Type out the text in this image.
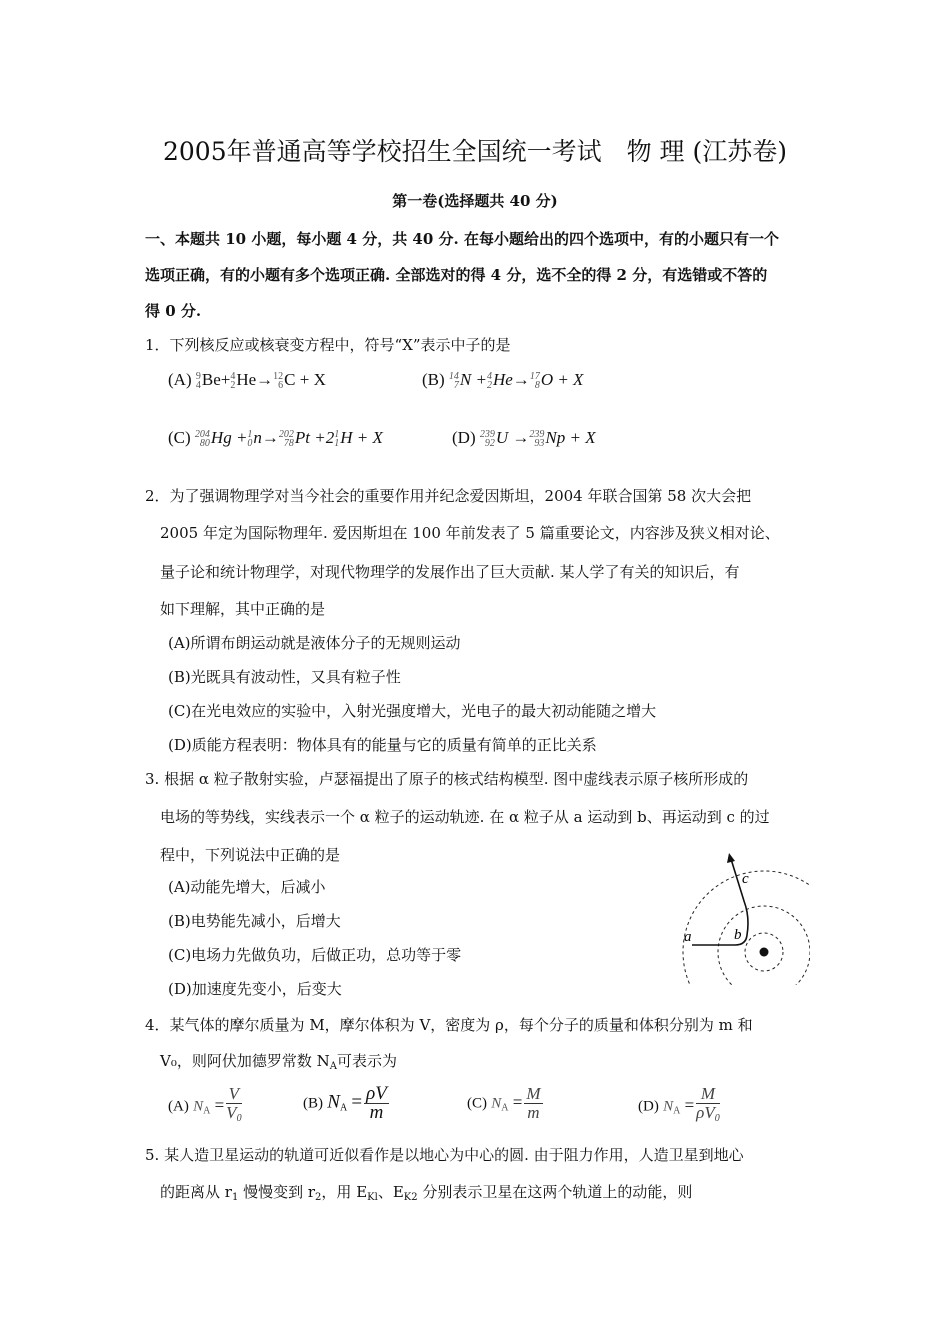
2005年普通高等学校招生全国统一考试　物 理 (江苏卷)
第一卷(选择题共 40 分)
一、本题共 10 小题，每小题 4 分，共 40 分. 在每小题给出的四个选项中，有的小题只有一个
选项正确，有的小题有多个选项正确. 全部选对的得 4 分，选不全的得 2 分，有选错或不答的
得 0 分.
1．下列核反应或核衰变方程中，符号“X”表示中子的是
(A) 9
4 Be+ 4
2 He→ 12
6 C + X	(B) 14
7 N + 4
2 He→ 17
8 O + X
(C) 204
80 Hg + 1
0 n→ 202
78 Pt +2 1
1 H + X	(D) 239
92 U → 239
93 Np + X
2．为了强调物理学对当今社会的重要作用并纪念爱因斯坦，2004 年联合国第 58 次大会把
2005 年定为国际物理年. 爱因斯坦在 100 年前发表了 5 篇重要论文，内容涉及狭义相对论、
量子论和统计物理学，对现代物理学的发展作出了巨大贡献. 某人学了有关的知识后，有
如下理解，其中正确的是
(A)所谓布朗运动就是液体分子的无规则运动
(B)光既具有波动性，又具有粒子性
(C)在光电效应的实验中，入射光强度增大，光电子的最大初动能随之增大
(D)质能方程表明：物体具有的能量与它的质量有简单的正比关系
3. 根据 α 粒子散射实验，卢瑟福提出了原子的核式结构模型. 图中虚线表示原子核所形成的
电场的等势线，实线表示一个 α 粒子的运动轨迹. 在 α 粒子从 a 运动到 b、再运动到 c 的过
程中，下列说法中正确的是
(A)动能先增大，后减小
(B)电势能先减小，后增大
(C)电场力先做负功，后做正功，总功等于零
(D)加速度先变小，后变大
a	b
c
4．某气体的摩尔质量为 M，摩尔体积为 V，密度为 ρ，每个分子的质量和体积分别为 m 和
V₀，则阿伏加德罗常数 $N_A$可表示为
(A) $N_A = \frac{V}{V_0}$	(B) $N_A = \frac{\rho V}{m}$	(C) $N_A = \frac{M}{m}$	(D) $N_A = \frac{M}{\rho V_0}$
5. 某人造卫星运动的轨道可近似看作是以地心为中心的圆. 由于阻力作用，人造卫星到地心
的距离从 $r_1$ 慢慢变到 $r_2$，用 $E_{Kl}$、$E_{K2}$ 分别表示卫星在这两个轨道上的动能，则
